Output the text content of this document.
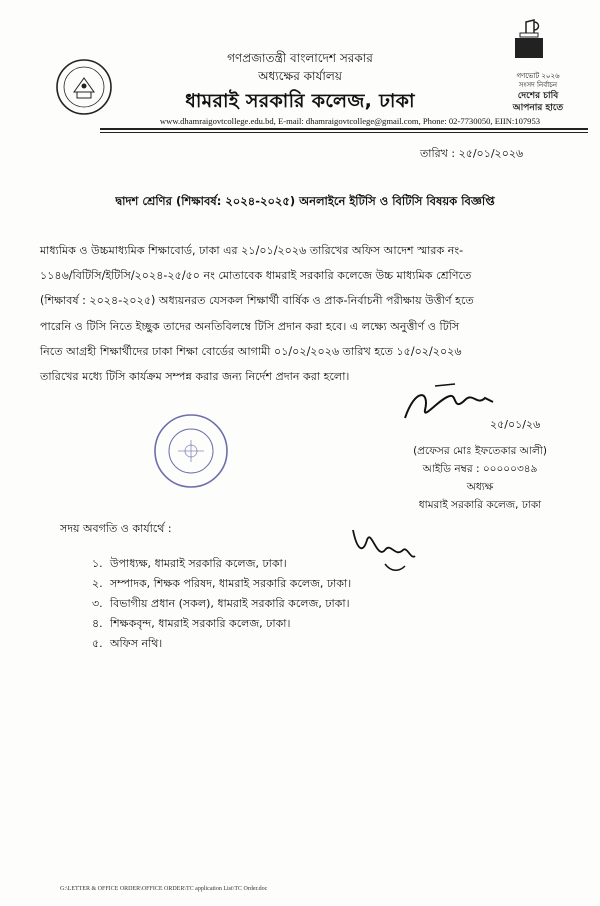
গণপ্রজাতন্ত্রী বাংলাদেশ সরকার
অধ্যক্ষের কার্যালয়
ধামরাই সরকারি কলেজ, ঢাকা
www.dhamraigovtcollege.edu.bd, E-mail: dhamraigovtcollege@gmail.com, Phone: 02-7730050, EIIN:107953
গণভোট ২০২৬
সংসদ নির্বাচন
দেশের চাবি
আপনার হাতে
তারিখ : ২৫/০১/২০২৬
দ্বাদশ শ্রেণির (শিক্ষাবর্ষ: ২০২৪-২০২৫) অনলাইনে ইটিসি ও বিটিসি বিষয়ক বিজ্ঞপ্তি
মাধ্যমিক ও উচ্চমাধ্যমিক শিক্ষাবোর্ড, ঢাকা এর ২১/০১/২০২৬ তারিখের অফিস আদেশ স্মারক নং-
১১৪৬/বিটিসি/ইটিসি/২০২৪-২৫/৫০ নং মোতাবেক ধামরাই সরকারি কলেজে উচ্চ মাধ্যমিক শ্রেণিতে
(শিক্ষাবর্ষ : ২০২৪-২০২৫) অধ্যয়নরত যেসকল শিক্ষার্থী বার্ষিক ও প্রাক-নির্বাচনী পরীক্ষায় উত্তীর্ণ হতে
পারেনি ও টিসি নিতে ইচ্ছুক তাদের অনতিবিলম্বে টিসি প্রদান করা হবে। এ লক্ষ্যে অনুত্তীর্ণ ও টিসি
নিতে আগ্রহী শিক্ষার্থীদের ঢাকা শিক্ষা বোর্ডের আগামী ০১/০২/২০২৬ তারিখ হতে ১৫/০২/২০২৬
তারিখের মধ্যে টিসি কার্যক্রম সম্পন্ন করার জন্য নির্দেশ প্রদান করা হলো।
২৫/০১/২৬
(প্রফেসর মোঃ ইফতেকার আলী)
আইডি নম্বর : ০০০০০৩৪৯
অধ্যক্ষ
ধামরাই সরকারি কলেজ, ঢাকা
সদয় অবগতি ও কার্যার্থে :
১. উপাধ্যক্ষ, ধামরাই সরকারি কলেজ, ঢাকা।
২. সম্পাদক, শিক্ষক পরিষদ, ধামরাই সরকারি কলেজ, ঢাকা।
৩. বিভাগীয় প্রধান (সকল), ধামরাই সরকারি কলেজ, ঢাকা।
৪. শিক্ষকবৃন্দ, ধামরাই সরকারি কলেজ, ঢাকা।
৫. অফিস নথি।
G:\LETTER & OFFICE ORDER\OFFICE ORDER\TC application List\TC Order.doc
